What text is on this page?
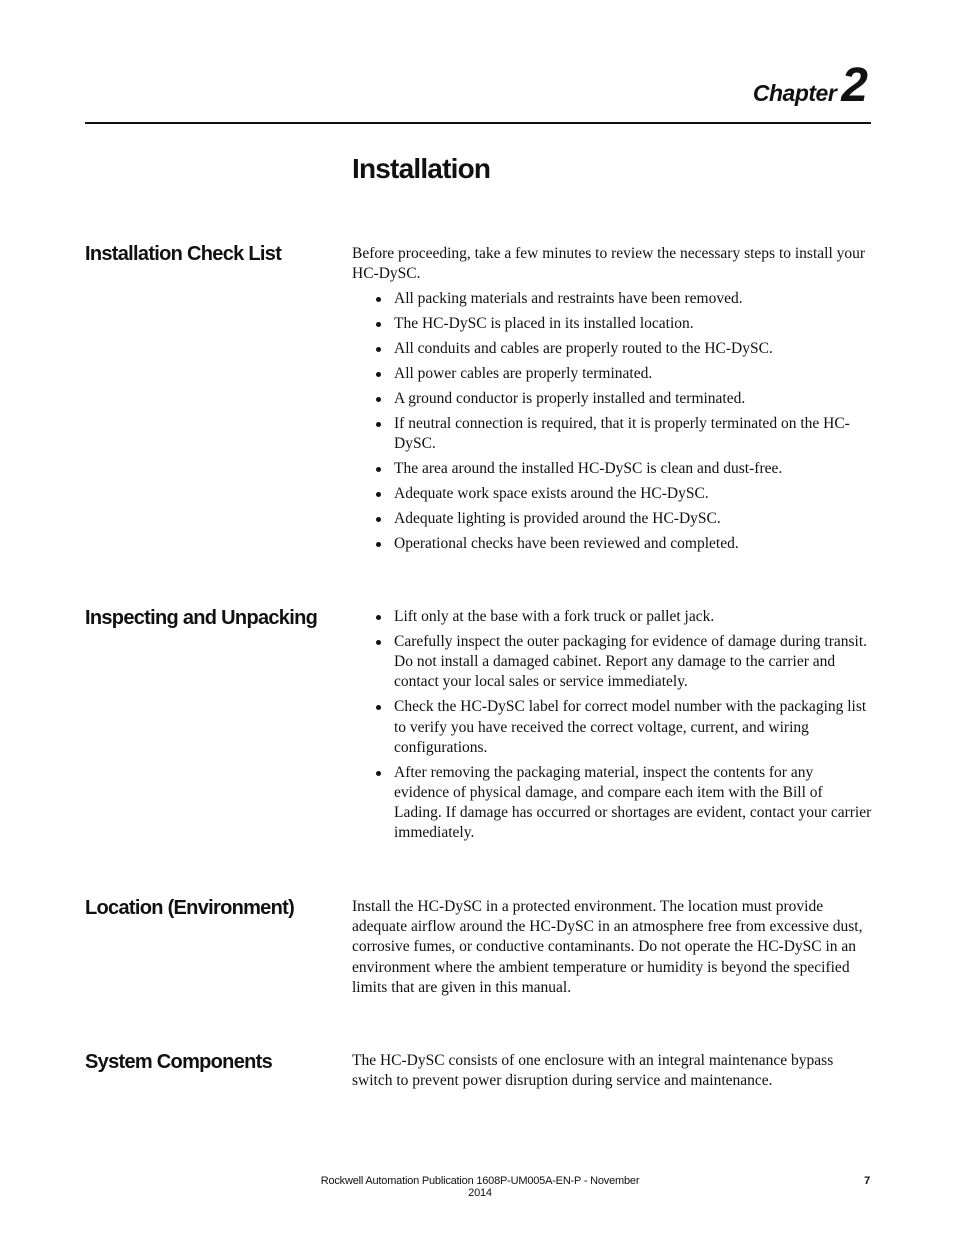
Chapter 2
Installation
Installation Check List	Before proceeding, take a few minutes to review the necessary steps to install your HC-DySC.

All packing materials and restraints have been removed.
The HC-DySC is placed in its installed location.
All conduits and cables are properly routed to the HC-DySC.
All power cables are properly terminated.
A ground conductor is properly installed and terminated.
If neutral connection is required, that it is properly terminated on the HC-DySC.
The area around the installed HC-DySC is clean and dust-free.
Adequate work space exists around the HC-DySC.
Adequate lighting is provided around the HC-DySC.
Operational checks have been reviewed and completed.
Inspecting and Unpacking	Lift only at the base with a fork truck or pallet jack.
Carefully inspect the outer packaging for evidence of damage during transit. Do not install a damaged cabinet. Report any damage to the carrier and contact your local sales or service immediately.
Check the HC-DySC label for correct model number with the packaging list to verify you have received the correct voltage, current, and wiring configurations.
After removing the packaging material, inspect the contents for any evidence of physical damage, and compare each item with the Bill of Lading. If damage has occurred or shortages are evident, contact your carrier immediately.
Location (Environment)	Install the HC-DySC in a protected environment. The location must provide adequate airflow around the HC-DySC in an atmosphere free from excessive dust, corrosive fumes, or conductive contaminants. Do not operate the HC-DySC in an environment where the ambient temperature or humidity is beyond the specified limits that are given in this manual.

System Components	The HC-DySC consists of one enclosure with an integral maintenance bypass switch to prevent power disruption during service and maintenance.

Rockwell Automation Publication 1608P-UM005A-EN-P - November 2014
7
